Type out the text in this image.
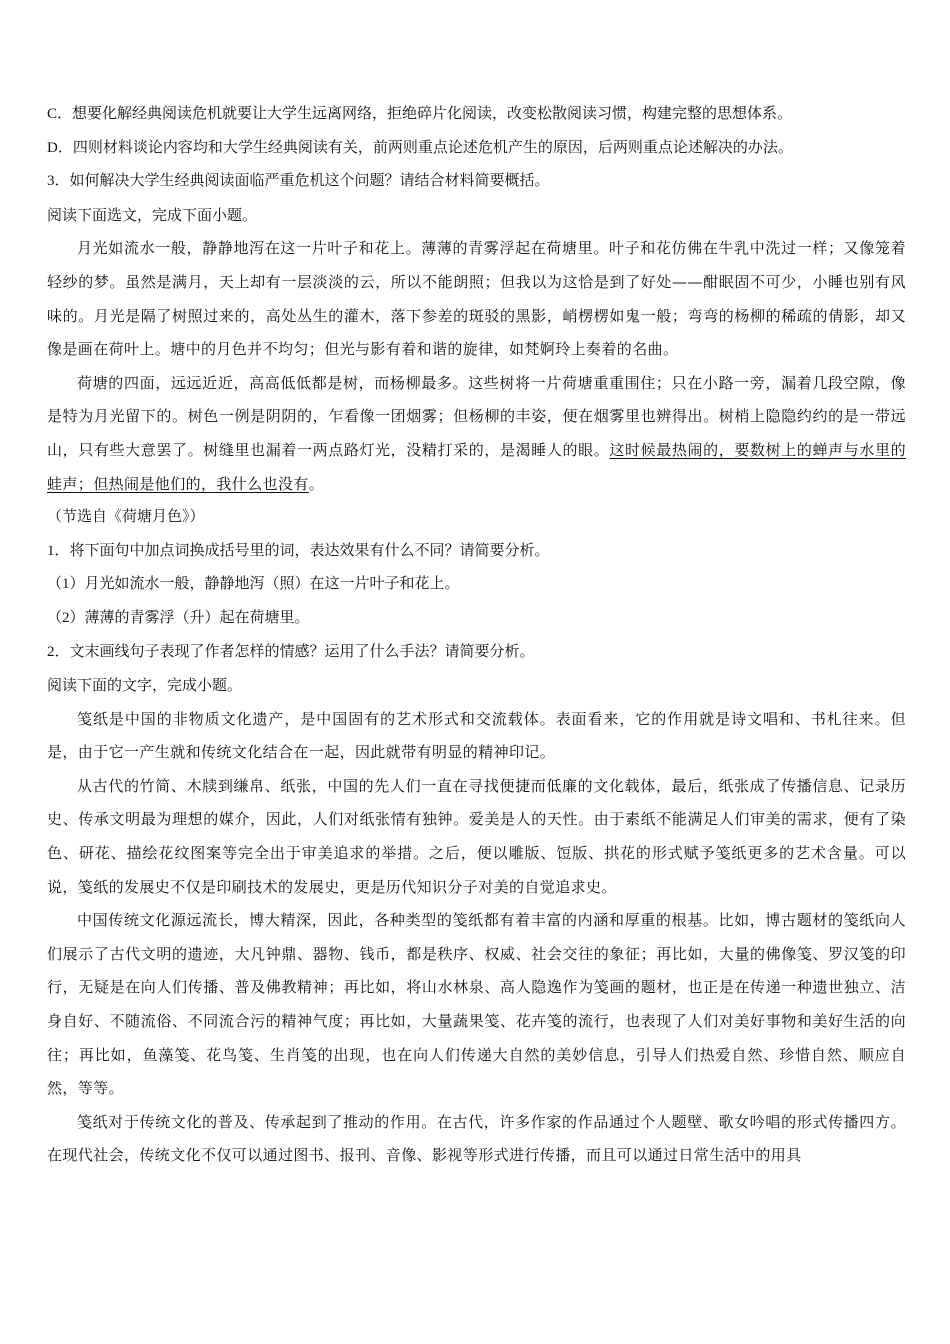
C．想要化解经典阅读危机就要让大学生远离网络，拒绝碎片化阅读，改变松散阅读习惯，构建完整的思想体系。

D．四则材料谈论内容均和大学生经典阅读有关，前两则重点论述危机产生的原因，后两则重点论述解决的办法。

3．如何解决大学生经典阅读面临严重危机这个问题？请结合材料简要概括。

阅读下面选文，完成下面小题。

月光如流水一般，静静地泻在这一片叶子和花上。薄薄的青雾浮起在荷塘里。叶子和花仿佛在牛乳中洗过一样；又像笼着轻纱的梦。虽然是满月，天上却有一层淡淡的云，所以不能朗照；但我以为这恰是到了好处——酣眠固不可少，小睡也别有风味的。月光是隔了树照过来的，高处丛生的灌木，落下参差的斑驳的黑影，峭楞楞如鬼一般；弯弯的杨柳的稀疏的倩影，却又像是画在荷叶上。塘中的月色并不均匀；但光与影有着和谐的旋律，如梵婀玲上奏着的名曲。

荷塘的四面，远远近近，高高低低都是树，而杨柳最多。这些树将一片荷塘重重围住；只在小路一旁，漏着几段空隙，像是特为月光留下的。树色一例是阴阴的，乍看像一团烟雾；但杨柳的丰姿，便在烟雾里也辨得出。树梢上隐隐约约的是一带远山，只有些大意罢了。树缝里也漏着一两点路灯光，没精打采的，是渴睡人的眼。这时候最热闹的，要数树上的蝉声与水里的蛙声；但热闹是他们的，我什么也没有。

（节选自《荷塘月色》）

1．将下面句中加点词换成括号里的词，表达效果有什么不同？请简要分析。

（1）月光如流水一般，静静地泻（照）在这一片叶子和花上。

（2）薄薄的青雾浮（升）起在荷塘里。

2．文末画线句子表现了作者怎样的情感？运用了什么手法？请简要分析。

阅读下面的文字，完成小题。

笺纸是中国的非物质文化遗产，是中国固有的艺术形式和交流载体。表面看来，它的作用就是诗文唱和、书札往来。但是，由于它一产生就和传统文化结合在一起，因此就带有明显的精神印记。

从古代的竹简、木牍到缣帛、纸张，中国的先人们一直在寻找便捷而低廉的文化载体，最后，纸张成了传播信息、记录历史、传承文明最为理想的媒介，因此，人们对纸张情有独钟。爱美是人的天性。由于素纸不能满足人们审美的需求，便有了染色、研花、描绘花纹图案等完全出于审美追求的举措。之后，便以雕版、饾版、拱花的形式赋予笺纸更多的艺术含量。可以说，笺纸的发展史不仅是印刷技术的发展史，更是历代知识分子对美的自觉追求史。

中国传统文化源远流长，博大精深，因此，各种类型的笺纸都有着丰富的内涵和厚重的根基。比如，博古题材的笺纸向人们展示了古代文明的遗迹，大凡钟鼎、器物、钱币，都是秩序、权威、社会交往的象征；再比如，大量的佛像笺、罗汉笺的印行，无疑是在向人们传播、普及佛教精神；再比如，将山水林泉、高人隐逸作为笺画的题材，也正是在传递一种遗世独立、洁身自好、不随流俗、不同流合污的精神气度；再比如，大量蔬果笺、花卉笺的流行，也表现了人们对美好事物和美好生活的向往；再比如，鱼藻笺、花鸟笺、生肖笺的出现，也在向人们传递大自然的美妙信息，引导人们热爱自然、珍惜自然、顺应自然，等等。

笺纸对于传统文化的普及、传承起到了推动的作用。在古代，许多作家的作品通过个人题壁、歌女吟唱的形式传播四方。在现代社会，传统文化不仅可以通过图书、报刊、音像、影视等形式进行传播，而且可以通过日常生活中的用具
